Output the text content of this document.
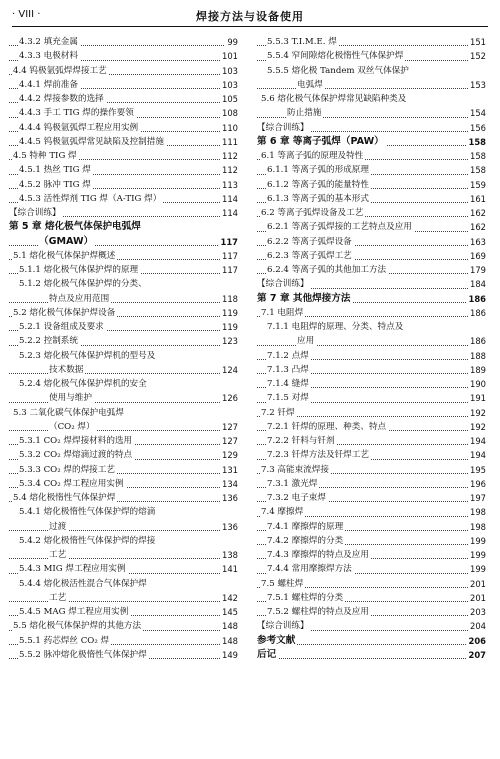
· VIII ·	焊接方法与设备使用
4.3.2 填充金属	99
4.3.3 电极材料	101
4.4 钨极氩弧焊焊接工艺	103
4.4.1 焊前准备	103
4.4.2 焊接参数的选择	105
4.4.3 手工 TIG 焊的操作要领	108
4.4.4 钨极氩弧焊工程应用实例	110
4.4.5 钨极氩弧焊常见缺陷及控制措施	111
4.5 特种 TIG 焊	112
4.5.1 热丝 TIG 焊	112
4.5.2 脉冲 TIG 焊	113
4.5.3 活性焊剂 TIG 焊（A-TIG 焊）	114
【综合训练】	114
第 5 章 熔化极气体保护电弧焊
（GMAW）	117
5.1 熔化极气体保护焊概述	117
5.1.1 熔化极气体保护焊的原理	117
5.1.2 熔化极气体保护焊的分类、
特点及应用范围	118
5.2 熔化极气体保护焊设备	119
5.2.1 设备组成及要求	119
5.2.2 控制系统	123
5.2.3 熔化极气体保护焊机的型号及
技术数据	124
5.2.4 熔化极气体保护焊机的安全
使用与维护	126
5.3 二氧化碳气体保护电弧焊
（CO₂ 焊）	127
5.3.1 CO₂ 焊焊接材料的选用	127
5.3.2 CO₂ 焊熔滴过渡的特点	129
5.3.3 CO₂ 焊的焊接工艺	131
5.3.4 CO₂ 焊工程应用实例	134
5.4 熔化极惰性气体保护焊	136
5.4.1 熔化极惰性气体保护焊的熔滴
过渡	136
5.4.2 熔化极惰性气体保护焊的焊接
工艺	138
5.4.3 MIG 焊工程应用实例	141
5.4.4 熔化极活性混合气体保护焊
工艺	142
5.4.5 MAG 焊工程应用实例	145
5.5 熔化极气体保护焊的其他方法	148
5.5.1 药芯焊丝 CO₂ 焊	148
5.5.2 脉冲熔化极惰性气体保护焊	149
5.5.3 T.I.M.E. 焊	151
5.5.4 窄间隙熔化极惰性气体保护焊	152
5.5.5 熔化极 Tandem 双丝气体保护
电弧焊	153
5.6 熔化极气体保护焊常见缺陷种类及
防止措施	154
【综合训练】	156
第 6 章 等离子弧焊（PAW）	158
6.1 等离子弧的原理及特性	158
6.1.1 等离子弧的形成原理	158
6.1.2 等离子弧的能量特性	159
6.1.3 等离子弧的基本形式	161
6.2 等离子弧焊设备及工艺	162
6.2.1 等离子弧焊接的工艺特点及应用	162
6.2.2 等离子弧焊设备	163
6.2.3 等离子弧焊工艺	169
6.2.4 等离子弧的其他加工方法	179
【综合训练】	184
第 7 章 其他焊接方法	186
7.1 电阻焊	186
7.1.1 电阻焊的原理、分类、特点及
应用	186
7.1.2 点焊	188
7.1.3 凸焊	189
7.1.4 缝焊	190
7.1.5 对焊	191
7.2 钎焊	192
7.2.1 钎焊的原理、种类、特点	192
7.2.2 钎料与钎剂	194
7.2.3 钎焊方法及钎焊工艺	194
7.3 高能束流焊接	195
7.3.1 激光焊	196
7.3.2 电子束焊	197
7.4 摩擦焊	198
7.4.1 摩擦焊的原理	198
7.4.2 摩擦焊的分类	199
7.4.3 摩擦焊的特点及应用	199
7.4.4 常用摩擦焊方法	199
7.5 螺柱焊	201
7.5.1 螺柱焊的分类	201
7.5.2 螺柱焊的特点及应用	203
【综合训练】	204
参考文献	206
后记	207
